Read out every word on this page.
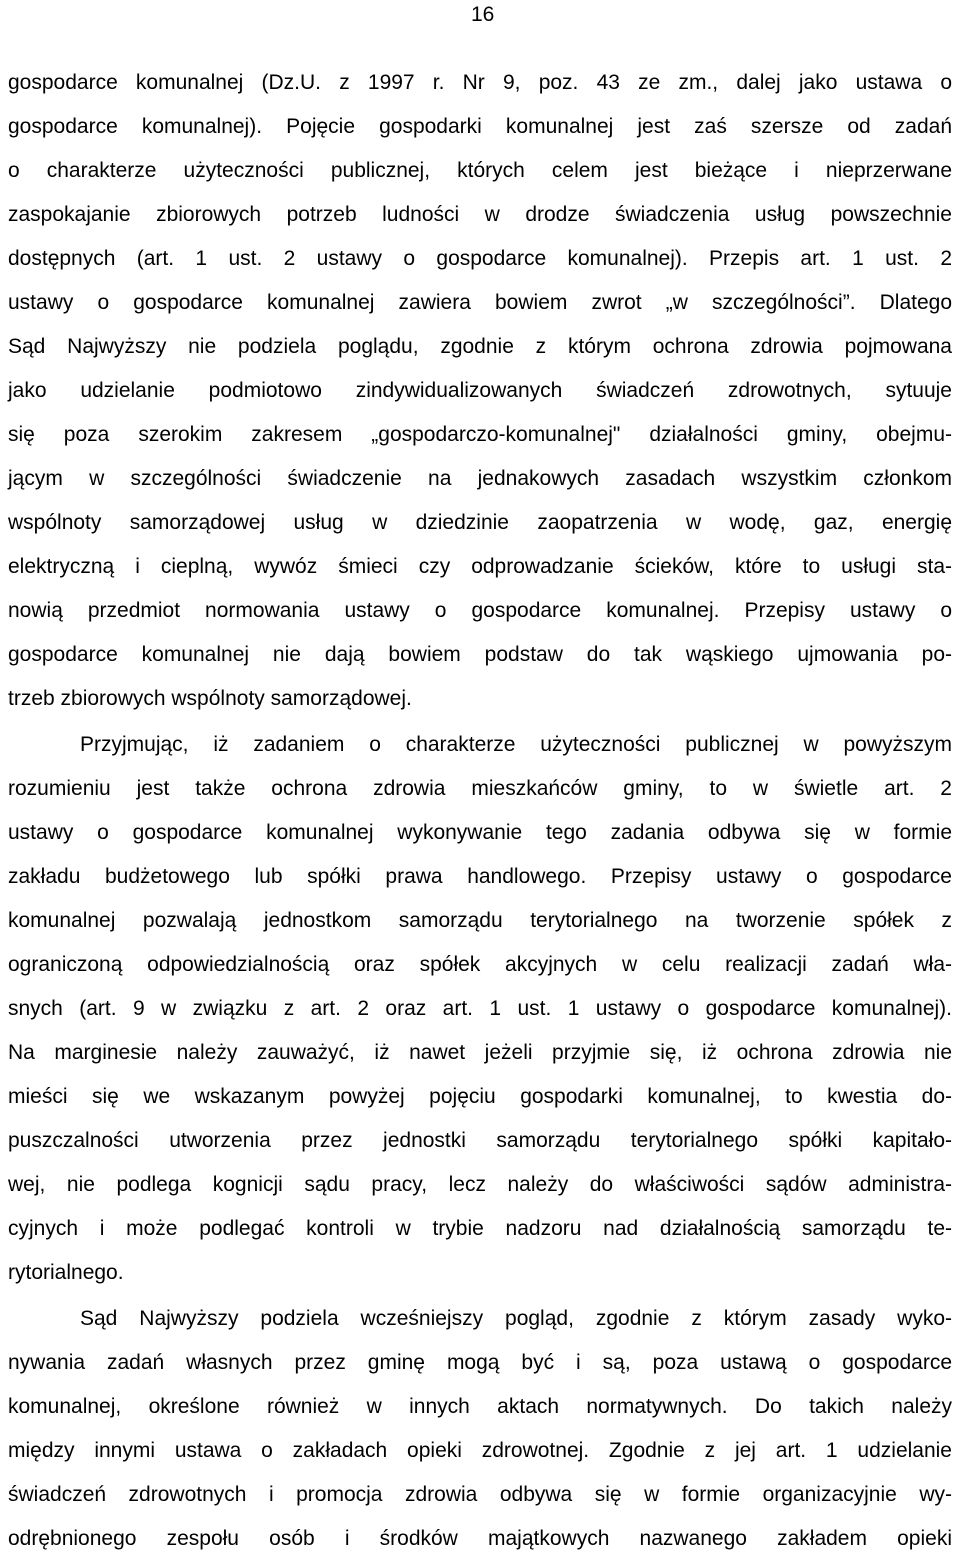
16
gospodarce komunalnej (Dz.U. z 1997 r. Nr 9, poz. 43 ze zm., dalej jako ustawa o
gospodarce komunalnej). Pojęcie gospodarki komunalnej jest zaś szersze od zadań
o charakterze użyteczności publicznej, których celem jest bieżące i nieprzerwane
zaspokajanie zbiorowych potrzeb ludności w drodze świadczenia usług powszechnie
dostępnych (art. 1 ust. 2 ustawy o gospodarce komunalnej). Przepis art. 1 ust. 2
ustawy o gospodarce komunalnej zawiera bowiem zwrot „w szczególności”. Dlatego
Sąd Najwyższy nie podziela poglądu, zgodnie z którym ochrona zdrowia pojmowana
jako udzielanie podmiotowo zindywidualizowanych świadczeń zdrowotnych, sytuuje
się poza szerokim zakresem „gospodarczo-komunalnej" działalności gminy, obejmu-
jącym w szczególności świadczenie na jednakowych zasadach wszystkim członkom
wspólnoty samorządowej usług w dziedzinie zaopatrzenia w wodę, gaz, energię
elektryczną i cieplną, wywóz śmieci czy odprowadzanie ścieków, które to usługi sta-
nowią przedmiot normowania ustawy o gospodarce komunalnej. Przepisy ustawy o
gospodarce komunalnej nie dają bowiem podstaw do tak wąskiego ujmowania po-
trzeb zbiorowych wspólnoty samorządowej.
Przyjmując, iż zadaniem o charakterze użyteczności publicznej w powyższym
rozumieniu jest także ochrona zdrowia mieszkańców gminy, to w świetle art. 2
ustawy o gospodarce komunalnej wykonywanie tego zadania odbywa się w formie
zakładu budżetowego lub spółki prawa handlowego. Przepisy ustawy o gospodarce
komunalnej pozwalają jednostkom samorządu terytorialnego na tworzenie spółek z
ograniczoną odpowiedzialnością oraz spółek akcyjnych w celu realizacji zadań wła-
snych (art. 9 w związku z art. 2 oraz art. 1 ust. 1 ustawy o gospodarce komunalnej).
Na marginesie należy zauważyć, iż nawet jeżeli przyjmie się, iż ochrona zdrowia nie
mieści się we wskazanym powyżej pojęciu gospodarki komunalnej, to kwestia do-
puszczalności utworzenia przez jednostki samorządu terytorialnego spółki kapitało-
wej, nie podlega kognicji sądu pracy, lecz należy do właściwości sądów administra-
cyjnych i może podlegać kontroli w trybie nadzoru nad działalnością samorządu te-
rytorialnego.
Sąd Najwyższy podziela wcześniejszy pogląd, zgodnie z którym zasady wyko-
nywania zadań własnych przez gminę mogą być i są, poza ustawą o gospodarce
komunalnej, określone również w innych aktach normatywnych. Do takich należy
między innymi ustawa o zakładach opieki zdrowotnej. Zgodnie z jej art. 1 udzielanie
świadczeń zdrowotnych i promocja zdrowia odbywa się w formie organizacyjnie wy-
odrębnionego zespołu osób i środków majątkowych nazwanego zakładem opieki
